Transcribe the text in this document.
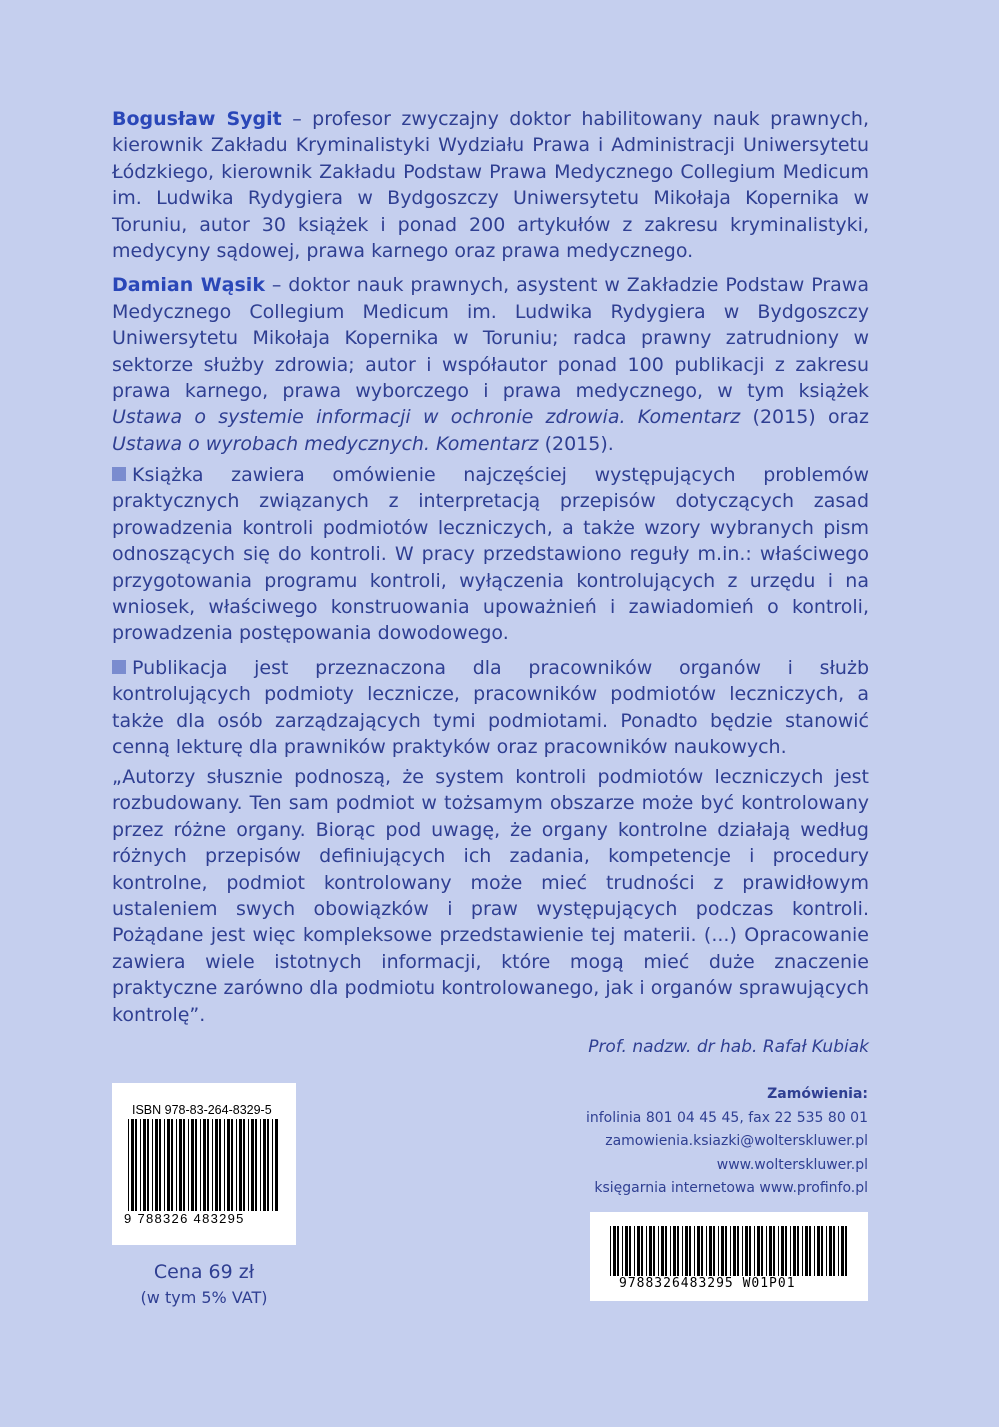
Bogusław Sygit – profesor zwyczajny doktor habilitowany nauk prawnych, kierownik Zakładu Kryminalistyki Wydziału Prawa i Administracji Uniwersytetu Łódzkiego, kierownik Zakładu Podstaw Prawa Medycznego Collegium Medicum im. Ludwika Rydygiera w Bydgoszczy Uniwersytetu Mikołaja Kopernika w Toruniu, autor 30 książek i ponad 200 artykułów z zakresu kryminalistyki, medycyny sądowej, prawa karnego oraz prawa medycznego.

Damian Wąsik – doktor nauk prawnych, asystent w Zakładzie Podstaw Prawa Medycznego Collegium Medicum im. Ludwika Rydygiera w Bydgoszczy Uniwersytetu Mikołaja Kopernika w Toruniu; radca prawny zatrudniony w sektorze służby zdrowia; autor i współautor ponad 100 publikacji z zakresu prawa karnego, prawa wyborczego i prawa medycznego, w tym książek Ustawa o systemie informacji w ochronie zdrowia. Komentarz (2015) oraz Ustawa o wyrobach medycznych. Komentarz (2015).

Książka zawiera omówienie najczęściej występujących problemów praktycznych związanych z interpretacją przepisów dotyczących zasad prowadzenia kontroli podmiotów leczniczych, a także wzory wybranych pism odnoszących się do kontroli. W pracy przedstawiono reguły m.in.: właściwego przygotowania programu kontroli, wyłączenia kontrolujących z urzędu i na wniosek, właściwego konstruowania upoważnień i zawiadomień o kontroli, prowadzenia postępowania dowodowego.

Publikacja jest przeznaczona dla pracowników organów i służb kontrolujących podmioty lecznicze, pracowników podmiotów leczniczych, a także dla osób zarządzających tymi podmiotami. Ponadto będzie stanowić cenną lekturę dla prawników praktyków oraz pracowników naukowych.

„Autorzy słusznie podnoszą, że system kontroli podmiotów leczniczych jest rozbudowany. Ten sam podmiot w tożsamym obszarze może być kontrolowany przez różne organy. Biorąc pod uwagę, że organy kontrolne działają według różnych przepisów definiujących ich zadania, kompetencje i procedury kontrolne, podmiot kontrolowany może mieć trudności z prawidłowym ustaleniem swych obowiązków i praw występujących podczas kontroli. Pożądane jest więc kompleksowe przedstawienie tej materii. (...) Opracowanie zawiera wiele istotnych informacji, które mogą mieć duże znaczenie praktyczne zarówno dla podmiotu kontrolowanego, jak i organów sprawujących kontrolę”.

Prof. nadzw. dr hab. Rafał Kubiak
ISBN 978-83-264-8329-5
9 788326 483295
Cena 69 zł
(w tym 5% VAT)
Zamówienia:
infolinia 801 04 45 45, fax 22 535 80 01
zamowienia.ksiazki@wolterskluwer.pl
www.wolterskluwer.pl
księgarnia internetowa www.profinfo.pl
9788326483295 W01P01
